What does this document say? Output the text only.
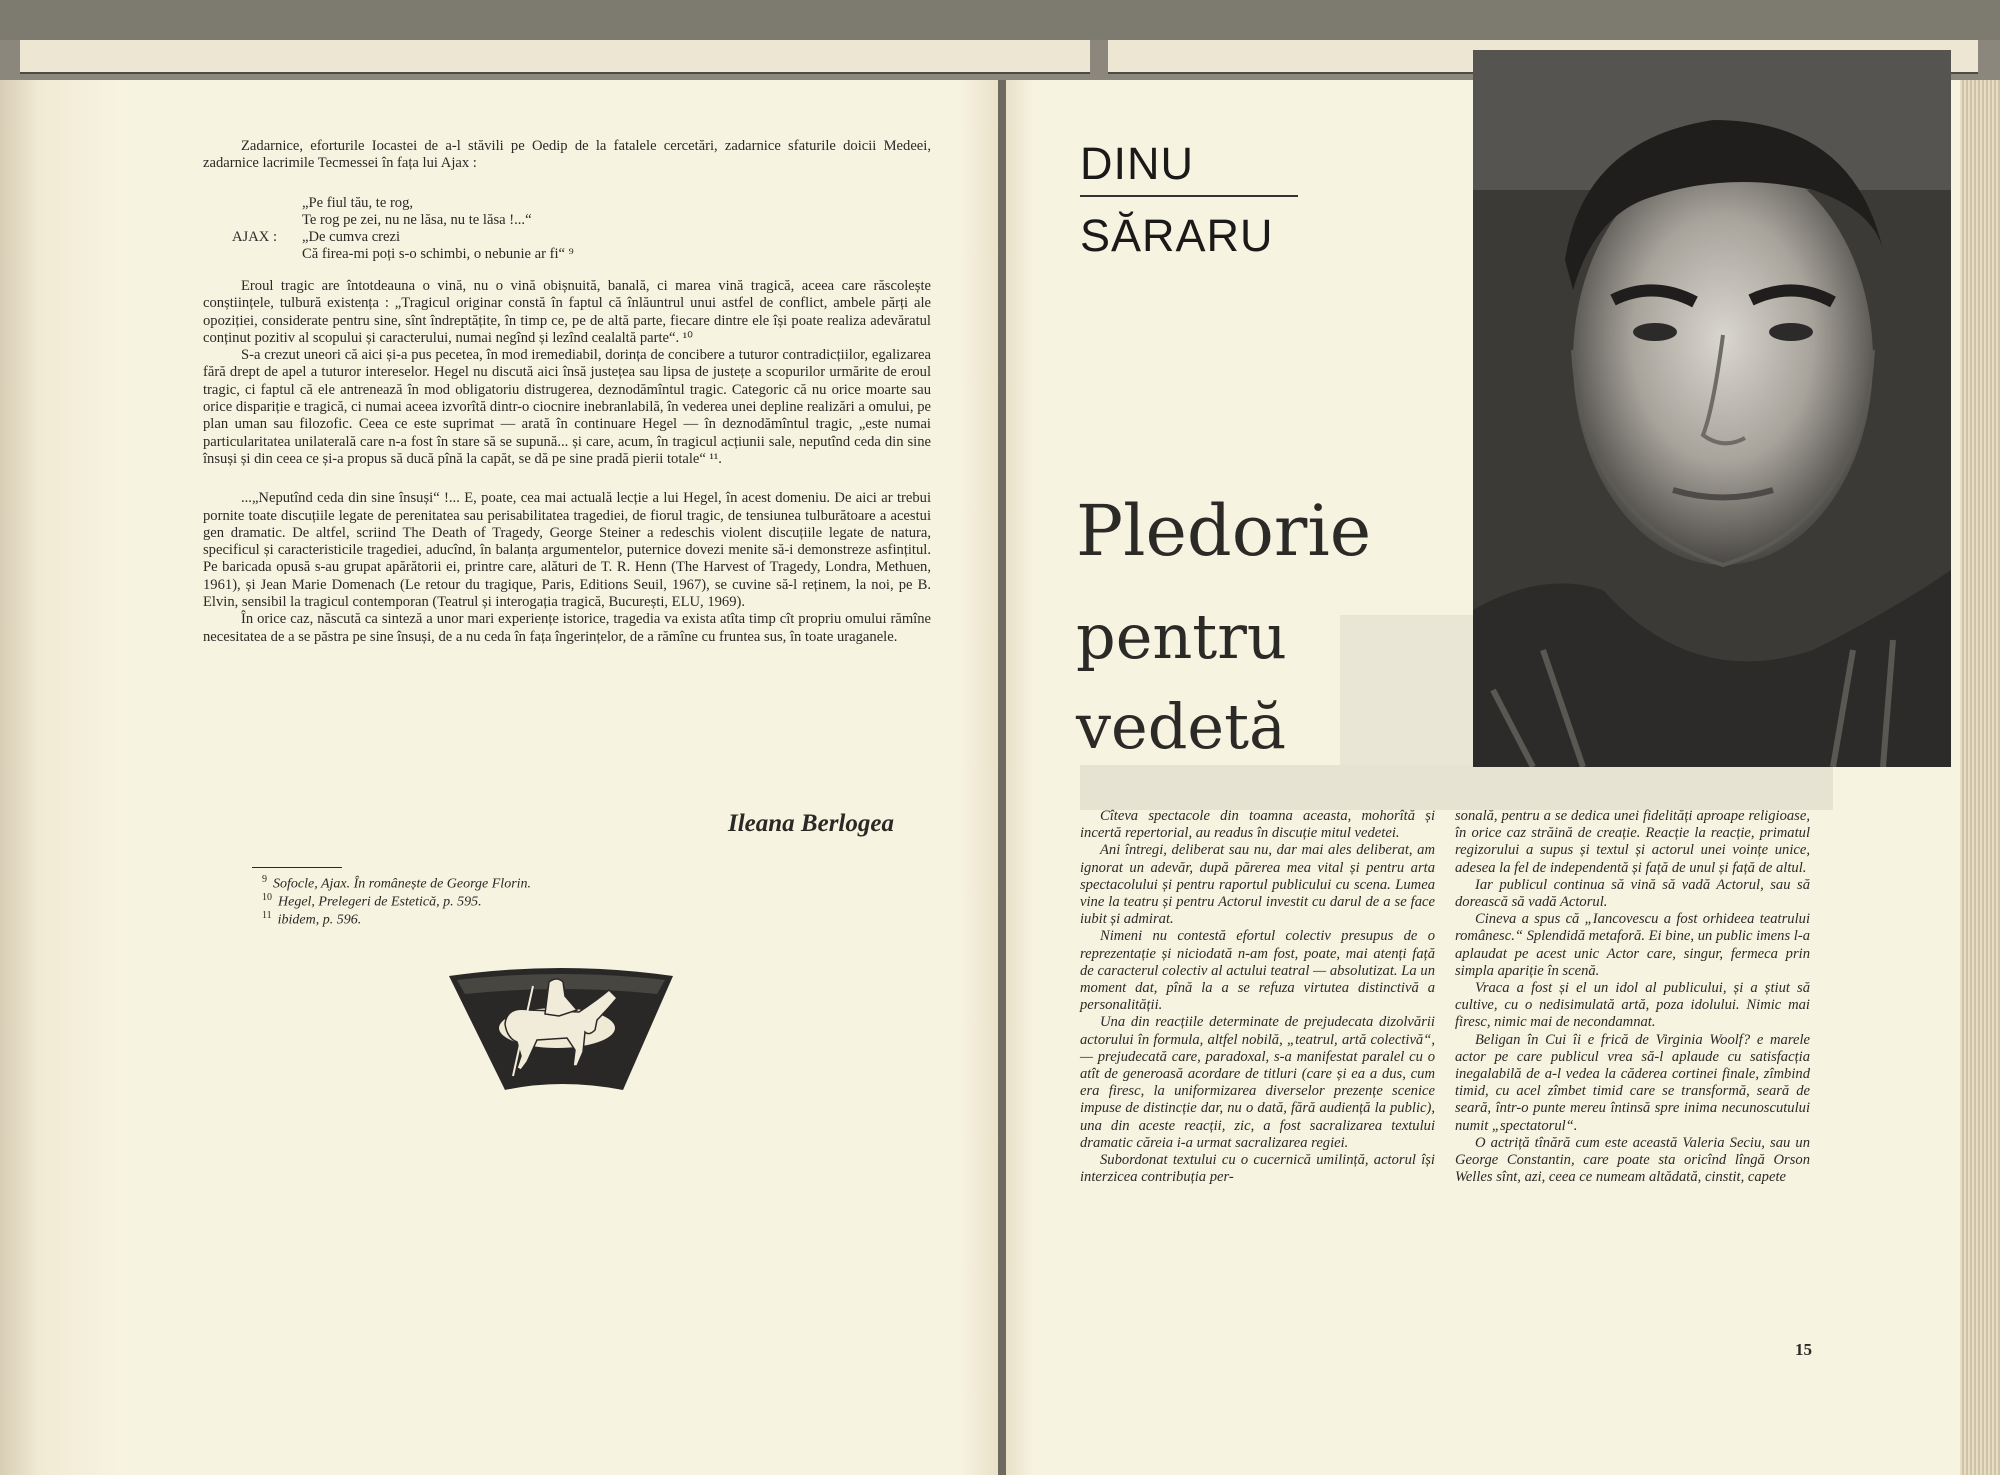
Zadarnice, eforturile Iocastei de a-l stăvili pe Oedip de la fatalele cercetări, zadarnice sfaturile doicii Medeei, zadarnice lacrimile Tecmessei în fața lui Ajax :

„Pe fiul tău, te rog,
Te rog pe zei, nu ne lăsa, nu te lăsa !...“
AJAX : „De cumva crezi
Că firea-mi poți s-o schimbi, o nebunie ar fi“ ⁹

Eroul tragic are întotdeauna o vină, nu o vină obișnuită, banală, ci marea vină tragică, aceea care răscolește conștiințele, tulbură existența : „Tragicul originar constă în faptul că înlăuntrul unui astfel de conflict, ambele părți ale opoziției, considerate pentru sine, sînt îndreptățite, în timp ce, pe de altă parte, fiecare dintre ele își poate realiza adevăratul conținut pozitiv al scopului și caracterului, numai negînd și lezînd cealaltă parte“. ¹⁰

S-a crezut uneori că aici și-a pus pecetea, în mod iremediabil, dorința de concibere a tuturor contradicțiilor, egalizarea fără drept de apel a tuturor intereselor. Hegel nu discută aici însă justețea sau lipsa de justețe a scopurilor urmărite de eroul tragic, ci faptul că ele antrenează în mod obligatoriu distrugerea, deznodămîntul tragic. Categoric că nu orice moarte sau orice dispariție e tragică, ci numai aceea izvorîtă dintr-o ciocnire inebranlabilă, în vederea unei depline realizări a omului, pe plan uman sau filozofic. Ceea ce este suprimat — arată în continuare Hegel — în deznodămîntul tragic, „este numai particularitatea unilaterală care n-a fost în stare să se supună... și care, acum, în tragicul acțiunii sale, neputînd ceda din sine însuși și din ceea ce și-a propus să ducă pînă la capăt, se dă pe sine pradă pierii totale“ ¹¹.

...„Neputînd ceda din sine însuși“ !... E, poate, cea mai actuală lecție a lui Hegel, în acest domeniu. De aici ar trebui pornite toate discuțiile legate de perenitatea sau perisabilitatea tragediei, de fiorul tragic, de tensiunea tulburătoare a acestui gen dramatic. De altfel, scriind The Death of Tragedy, George Steiner a redeschis violent discuțiile legate de natura, specificul și caracteristicile tragediei, aducînd, în balanța argumentelor, puternice dovezi menite să-i demonstreze asfințitul. Pe baricada opusă s-au grupat apărătorii ei, printre care, alături de T. R. Henn (The Harvest of Tragedy, Londra, Methuen, 1961), și Jean Marie Domenach (Le retour du tragique, Paris, Editions Seuil, 1967), se cuvine să-l reținem, la noi, pe B. Elvin, sensibil la tragicul contemporan (Teatrul și interogația tragică, București, ELU, 1969).

În orice caz, născută ca sinteză a unor mari experiențe istorice, tragedia va exista atîta timp cît propriu omului rămîne necesitatea de a se păstra pe sine însuși, de a nu ceda în fața îngerințelor, de a rămîne cu fruntea sus, în toate uraganele.

Ileana Berlogea
$^9$ Sofocle, Ajax. În românește de George Florin.
$^{10}$ Hegel, Prelegeri de Estetică, p. 595.
$^{11}$ ibidem, p. 596.
DINU
SĂRARU
Pledorie
pentru
vedetă

Cîteva spectacole din toamna aceasta, mohorîtă și incertă repertorial, au readus în discuție mitul vedetei.

Ani întregi, deliberat sau nu, dar mai ales deliberat, am ignorat un adevăr, după părerea mea vital și pentru arta spectacolului și pentru raportul publicului cu scena. Lumea vine la teatru și pentru Actorul investit cu darul de a se face iubit și admirat.

Nimeni nu contestă efortul colectiv presupus de o reprezentație și niciodată n-am fost, poate, mai atenți față de caracterul colectiv al actului teatral — absolutizat. La un moment dat, pînă la a se refuza virtutea distinctivă a personalității.

Una din reacțiile determinate de prejudecata dizolvării actorului în formula, altfel nobilă, „teatrul, artă colectivă“, — prejudecată care, paradoxal, s-a manifestat paralel cu o atît de generoasă acordare de titluri (care și ea a dus, cum era firesc, la uniformizarea diverselor prezențe scenice impuse de distincție dar, nu o dată, fără audiență la public), una din aceste reacții, zic, a fost sacralizarea textului dramatic căreia i-a urmat sacralizarea regiei.

Subordonat textului cu o cucernică umilință, actorul își interzicea contribuția per-

sonală, pentru a se dedica unei fidelități aproape religioase, în orice caz străină de creație. Reacție la reacție, primatul regizorului a supus și textul și actorul unei voințe unice, adesea la fel de independentă și față de unul și față de altul.

Iar publicul continua să vină să vadă Actorul, sau să dorească să vadă Actorul.

Cineva a spus că „Iancovescu a fost orhideea teatrului românesc.“ Splendidă metaforă. Ei bine, un public imens l-a aplaudat pe acest unic Actor care, singur, fermeca prin simpla apariție în scenă.

Vraca a fost și el un idol al publicului, și a știut să cultive, cu o nedisimulată artă, poza idolului. Nimic mai firesc, nimic mai de necondamnat.

Beligan în Cui îi e frică de Virginia Woolf? e marele actor pe care publicul vrea să-l aplaude cu satisfacția inegalabilă de a-l vedea la căderea cortinei finale, zîmbind timid, cu acel zîmbet timid care se transformă, seară de seară, într-o punte mereu întinsă spre inima necunoscutului numit „spectatorul“.

O actriță tînără cum este această Valeria Seciu, sau un George Constantin, care poate sta oricînd lîngă Orson Welles sînt, azi, ceea ce numeam altădată, cinstit, capete

15
